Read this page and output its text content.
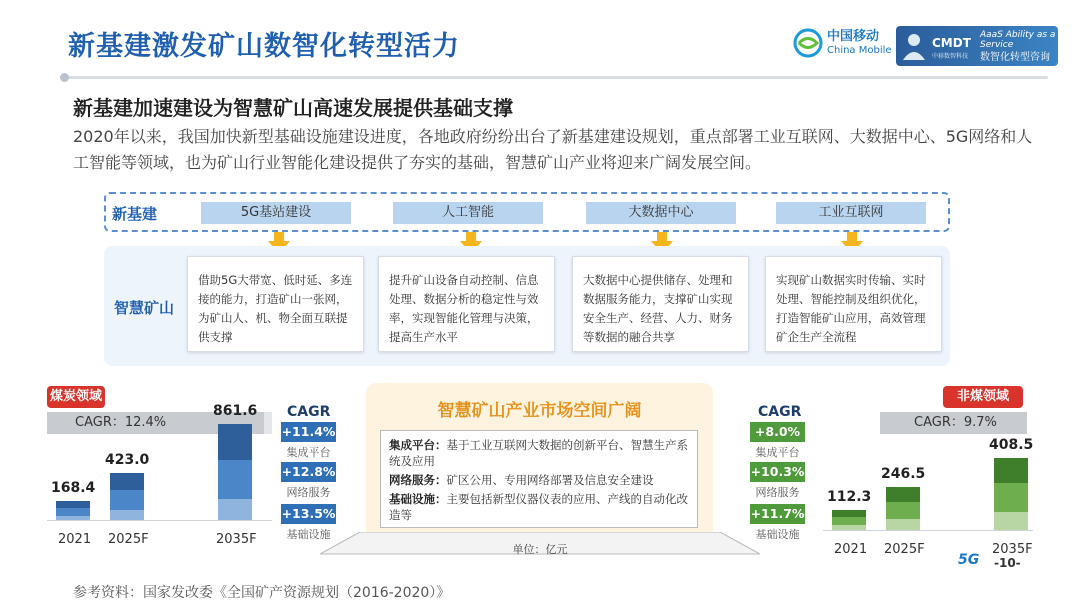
新基建激发矿山数智化转型活力	中国移动
China Mobile
CMDT
中移数智科技
AaaS Ability as a Service
数智化转型咨询
新基建加速建设为智慧矿山高速发展提供基础支撑
2020年以来，我国加快新型基础设施建设进度，各地政府纷纷出台了新基建建设规划，重点部署工业互联网、大数据中心、5G网络和人工智能等领域，也为矿山行业智能化建设提供了夯实的基础，智慧矿山产业将迎来广阔发展空间。
新基建	5G基站建设	人工智能	大数据中心	工业互联网
智慧矿山
借助5G大带宽、低时延、多连接的能力，打造矿山一张网，为矿山人、机、物全面互联提供支撑
提升矿山设备自动控制、信息处理、数据分析的稳定性与效率，实现智能化管理与决策，提高生产水平
大数据中心提供储存、处理和数据服务能力，支撑矿山实现安全生产、经营、人力、财务等数据的融合共享
实现矿山数据实时传输、实时处理、智能控制及组织优化，打造智能矿山应用，高效管理矿企生产全流程
煤炭领域
CAGR：12.4%
168.4
2021
423.0
2025F
861.6
2035F
CAGR
+11.4%
集成平台
+12.8%
网络服务
+13.5%
基础设施
智慧矿山产业市场空间广阔

集成平台：基于工业互联网大数据的创新平台、智慧生产系统及应用

网络服务：矿区公用、专用网络部署及信息安全建设

基础设施：主要包括新型仪器仪表的应用、产线的自动化改造等

单位：亿元
CAGR
+8.0%
集成平台
+10.3%
网络服务
+11.7%
基础设施
非煤领域
CAGR：9.7%
112.3
2021
246.5
2025F
408.5
2035F
参考资料：国家发改委《全国矿产资源规划（2016-2020）》
5G -10-
